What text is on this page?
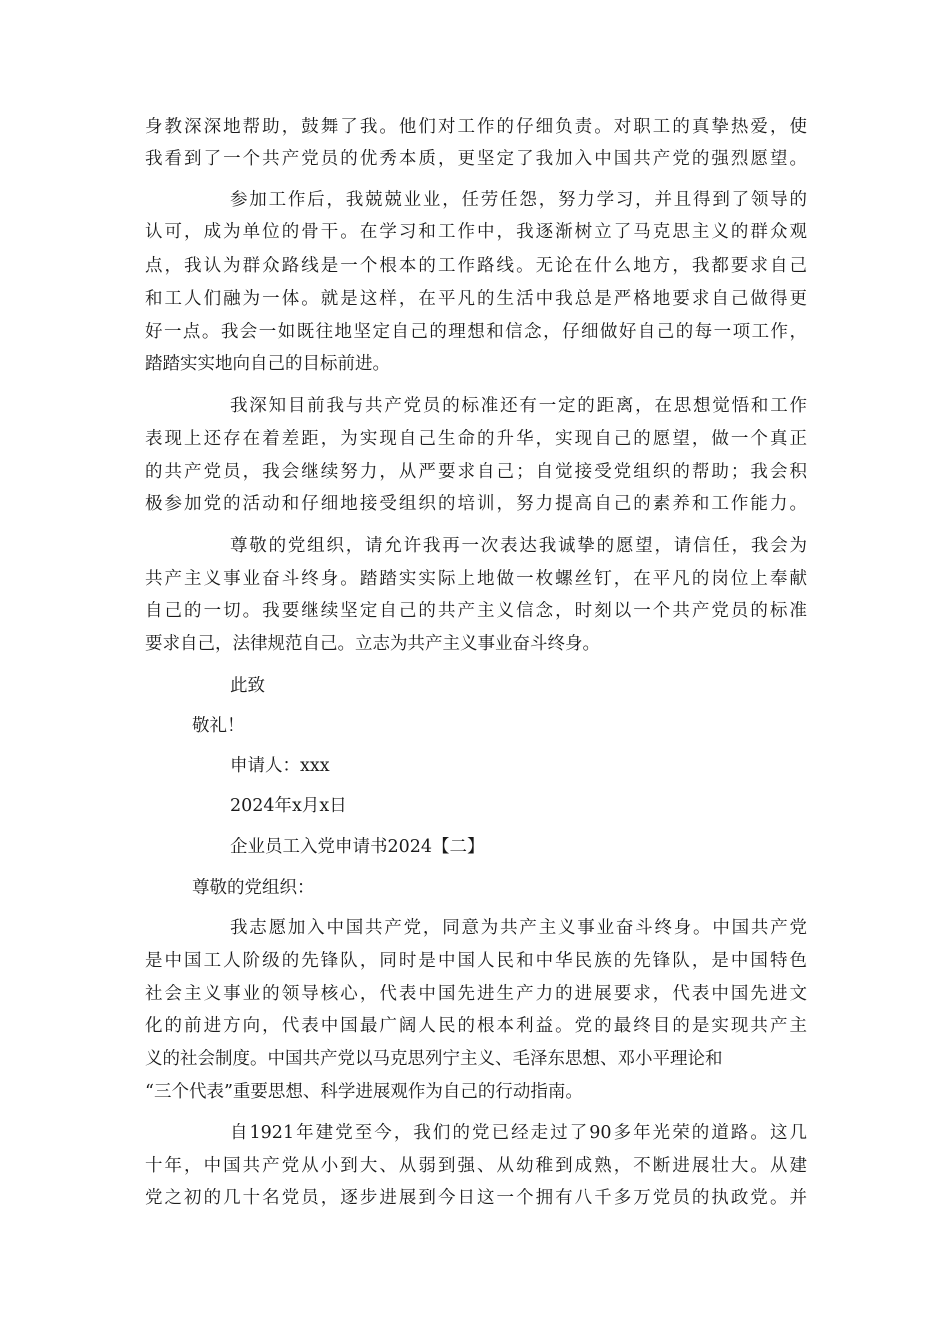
身教深深地帮助，鼓舞了我。他们对工作的仔细负责。对职工的真挚热爱，使
我看到了一个共产党员的优秀本质，更坚定了我加入中国共产党的强烈愿望。
参加工作后，我兢兢业业，任劳任怨，努力学习，并且得到了领导的
认可，成为单位的骨干。在学习和工作中，我逐渐树立了马克思主义的群众观
点，我认为群众路线是一个根本的工作路线。无论在什么地方，我都要求自己
和工人们融为一体。就是这样，在平凡的生活中我总是严格地要求自己做得更
好一点。我会一如既往地坚定自己的理想和信念，仔细做好自己的每一项工作，
踏踏实实地向自己的目标前进。
我深知目前我与共产党员的标准还有一定的距离，在思想觉悟和工作
表现上还存在着差距，为实现自己生命的升华，实现自己的愿望，做一个真正
的共产党员，我会继续努力，从严要求自己；自觉接受党组织的帮助；我会积
极参加党的活动和仔细地接受组织的培训，努力提高自己的素养和工作能力。
尊敬的党组织，请允许我再一次表达我诚挚的愿望，请信任，我会为
共产主义事业奋斗终身。踏踏实实际上地做一枚螺丝钉，在平凡的岗位上奉献
自己的一切。我要继续坚定自己的共产主义信念，时刻以一个共产党员的标准
要求自己，法律规范自己。立志为共产主义事业奋斗终身。
此致
敬礼！
申请人：xxx
2024年x月x日
企业员工入党申请书2024【二】
尊敬的党组织：
我志愿加入中国共产党，同意为共产主义事业奋斗终身。中国共产党
是中国工人阶级的先锋队，同时是中国人民和中华民族的先锋队，是中国特色
社会主义事业的领导核心，代表中国先进生产力的进展要求，代表中国先进文
化的前进方向，代表中国最广阔人民的根本利益。党的最终目的是实现共产主
义的社会制度。中国共产党以马克思列宁主义、毛泽东思想、邓小平理论和
“三个代表”重要思想、科学进展观作为自己的行动指南。
自1921年建党至今，我们的党已经走过了90多年光荣的道路。这几
十年，中国共产党从小到大、从弱到强、从幼稚到成熟，不断进展壮大。从建
党之初的几十名党员，逐步进展到今日这一个拥有八千多万党员的执政党。并
